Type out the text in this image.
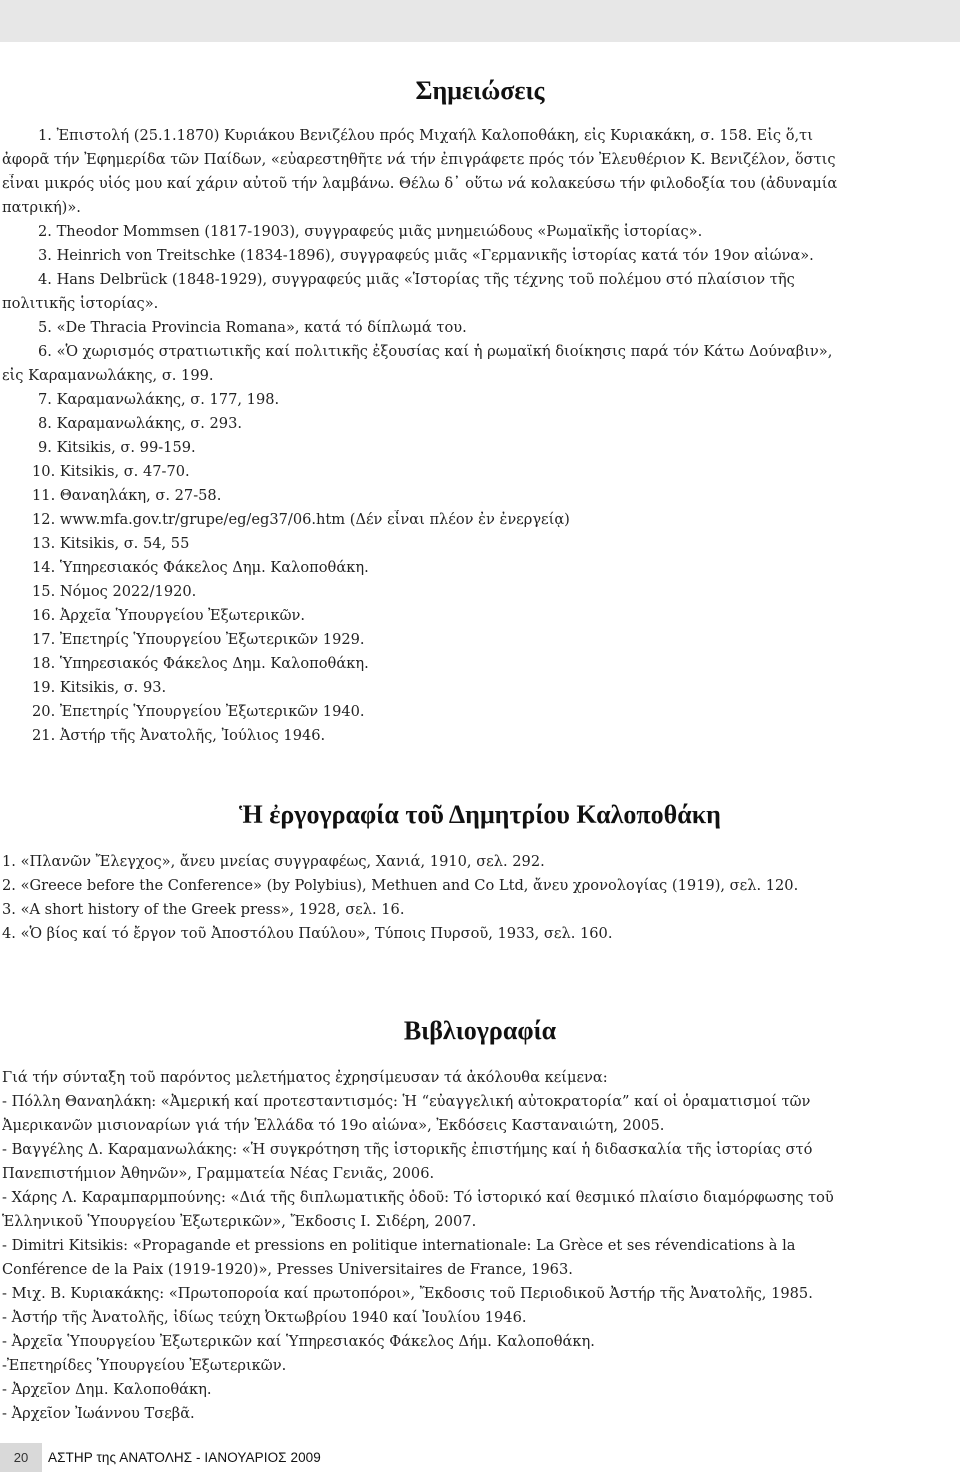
Σημειώσεις
1. Ἐπιστολή (25.1.1870) Κυριάκου Βενιζέλου πρός Μιχαήλ Καλοποθάκη, εἰς Κυριακάκη, σ. 158. Εἰς ὅ,τι
ἀφορᾶ τήν Ἐφημερίδα τῶν Παίδων, «εὐαρεστηθῆτε νά τήν ἐπιγράφετε πρός τόν Ἐλευθέριον Κ. Βενιζέλον, ὅστις
εἶναι μικρός υἱός μου καί χάριν αὐτοῦ τήν λαμβάνω. Θέλω δ᾽ οὕτω νά κολακεύσω τήν φιλοδοξία του (ἀδυναμία
πατρική)».
2. Theodor Mommsen (1817-1903), συγγραφεύς μιᾶς μνημειώδους «Ρωμαϊκῆς ἱστορίας».
3. Heinrich von Treitschke (1834-1896), συγγραφεύς μιᾶς «Γερμανικῆς ἱστορίας κατά τόν 19ον αἰώνα».
4. Hans Delbrück (1848-1929), συγγραφεύς μιᾶς «Ἱστορίας τῆς τέχνης τοῦ πολέμου στό πλαίσιον τῆς
πολιτικῆς ἱστορίας».
5. «De Thracia Provincia Romana», κατά τό δίπλωμά του.
6. «Ὁ χωρισμός στρατιωτικῆς καί πολιτικῆς ἐξουσίας καί ἡ ρωμαϊκή διοίκησις παρά τόν Κάτω Δούναβιν»,
εἰς Καραμανωλάκης, σ. 199.
7. Καραμανωλάκης, σ. 177, 198.
8. Καραμανωλάκης, σ. 293.
9. Kitsikis, σ. 99-159.
10. Kitsikis, σ. 47-70.
11. Θαναηλάκη, σ. 27-58.
12. www.mfa.gov.tr/grupe/eg/eg37/06.htm (Δέν εἶναι πλέον ἐν ἐνεργείᾳ)
13. Kitsikis, σ. 54, 55
14. Ὑπηρεσιακός Φάκελος Δημ. Καλοποθάκη.
15. Νόμος 2022/1920.
16. Ἀρχεῖα Ὑπουργείου Ἐξωτερικῶν.
17. Ἐπετηρίς Ὑπουργείου Ἐξωτερικῶν 1929.
18. Ὑπηρεσιακός Φάκελος Δημ. Καλοποθάκη.
19. Kitsikis, σ. 93.
20. Ἐπετηρίς Ὑπουργείου Ἐξωτερικῶν 1940.
21. Ἀστήρ τῆς Ἀνατολῆς, Ἰούλιος 1946.
Ἡ ἐργογραφία τοῦ Δημητρίου Καλοποθάκη
1. «Πλανῶν Ἔλεγχος», ἄνευ μνείας συγγραφέως, Χανιά, 1910, σελ. 292.
2. «Greece before the Conference» (by Polybius), Methuen and Co Ltd, ἄνευ χρονολογίας (1919), σελ. 120.
3. «A short history of the Greek press», 1928, σελ. 16.
4. «Ὁ βίος καί τό ἔργον τοῦ Ἀποστόλου Παύλου», Τύποις Πυρσοῦ, 1933, σελ. 160.
Βιβλιογραφία
Γιά τήν σύνταξη τοῦ παρόντος μελετήματος ἐχρησίμευσαν τά ἀκόλουθα κείμενα:
- Πόλλη Θαναηλάκη: «Ἀμερική καί προτεσταντισμός: Ἡ “εὐαγγελική αὐτοκρατορία” καί οἱ ὁραματισμοί τῶν
Ἀμερικανῶν μισιοναρίων γιά τήν Ἑλλάδα τό 19ο αἰώνα», Ἐκδόσεις Κασταναιώτη, 2005.
- Βαγγέλης Δ. Καραμανωλάκης: «Ἡ συγκρότηση τῆς ἱστορικῆς ἐπιστήμης καί ἡ διδασκαλία τῆς ἱστορίας στό
Πανεπιστήμιον Ἀθηνῶν», Γραμματεία Νέας Γενιᾶς, 2006.
- Χάρης Λ. Καραμπαρμπούνης: «Διά τῆς διπλωματικῆς ὁδοῦ: Τό ἱστορικό καί θεσμικό πλαίσιο διαμόρφωσης τοῦ
Ἑλληνικοῦ Ὑπουργείου Ἐξωτερικῶν», Ἔκδοσις Ι. Σιδέρη, 2007.
- Dimitri Kitsikis: «Propagande et pressions en politique internationale: La Grèce et ses révendications à la
Conférence de la Paix (1919-1920)», Presses Universitaires de France, 1963.
- Μιχ. Β. Κυριακάκης: «Πρωτοποροία καί πρωτοπόροι», Ἔκδοσις τοῦ Περιοδικοῦ Ἀστήρ τῆς Ἀνατολῆς, 1985.
- Ἀστήρ τῆς Ἀνατολῆς, ἰδίως τεύχη Ὀκτωβρίου 1940 καί Ἰουλίου 1946.
- Ἀρχεῖα Ὑπουργείου Ἐξωτερικῶν καί Ὑπηρεσιακός Φάκελος Δήμ. Καλοποθάκη.
-Ἐπετηρίδες Ὑπουργείου Ἐξωτερικῶν.
- Ἀρχεῖον Δημ. Καλοποθάκη.
- Ἀρχεῖον Ἰωάννου Τσεβᾶ.
20	ΑΣΤΗΡ της ΑΝΑΤΟΛΗΣ - ΙΑΝΟΥΑΡΙΟΣ 2009
